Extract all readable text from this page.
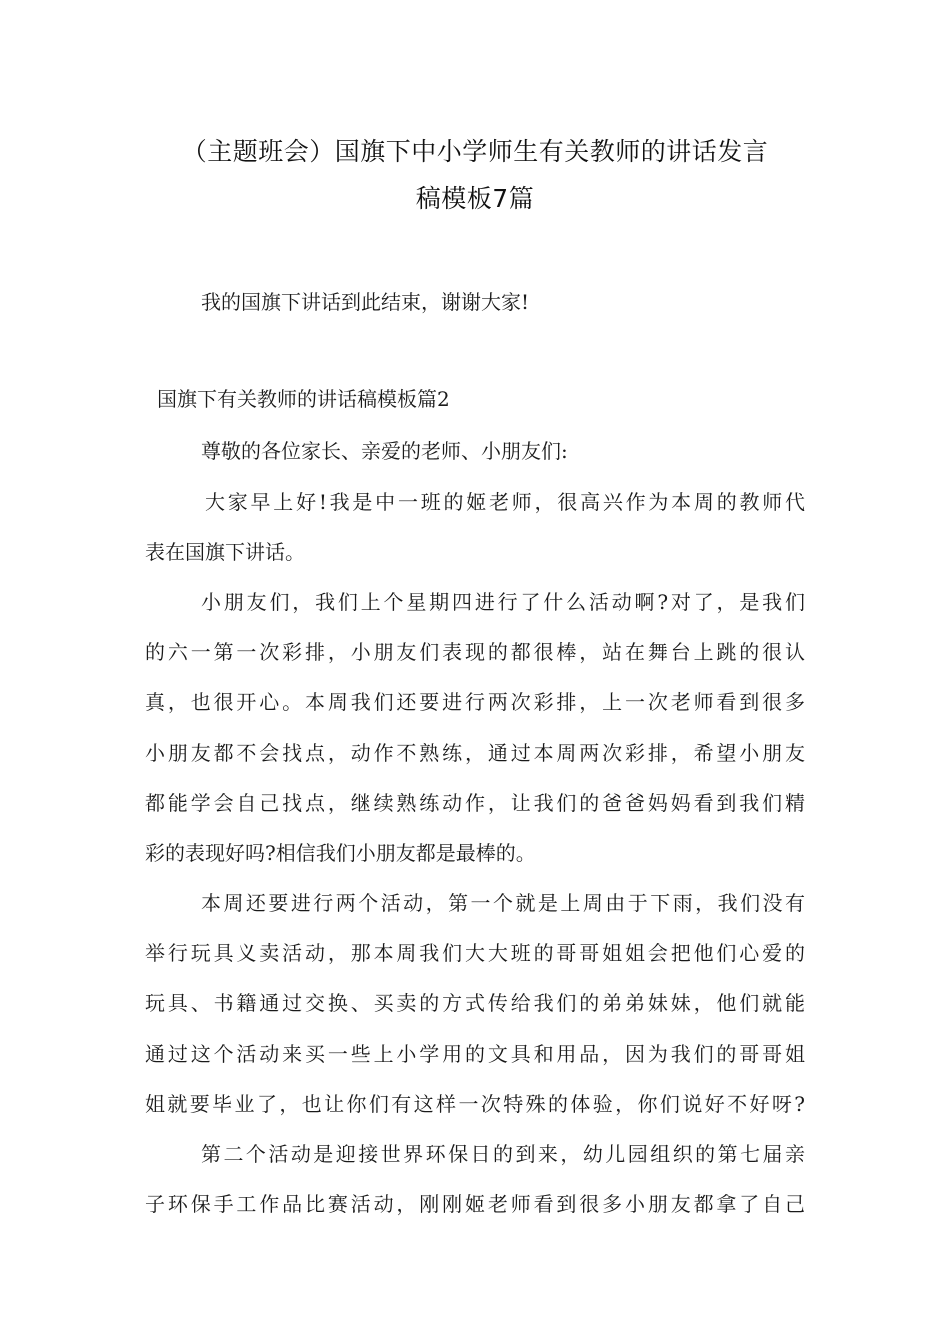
（主题班会）国旗下中小学师生有关教师的讲话发言
稿模板7篇
我的国旗下讲话到此结束，谢谢大家!
国旗下有关教师的讲话稿模板篇2
尊敬的各位家长、亲爱的老师、小朋友们:
大家早上好!我是中一班的姬老师，很高兴作为本周的教师代
表在国旗下讲话。
小朋友们，我们上个星期四进行了什么活动啊?对了，是我们
的六一第一次彩排，小朋友们表现的都很棒，站在舞台上跳的很认
真，也很开心。本周我们还要进行两次彩排，上一次老师看到很多
小朋友都不会找点，动作不熟练，通过本周两次彩排，希望小朋友
都能学会自己找点，继续熟练动作，让我们的爸爸妈妈看到我们精
彩的表现好吗?相信我们小朋友都是最棒的。
本周还要进行两个活动，第一个就是上周由于下雨，我们没有
举行玩具义卖活动，那本周我们大大班的哥哥姐姐会把他们心爱的
玩具、书籍通过交换、买卖的方式传给我们的弟弟妹妹，他们就能
通过这个活动来买一些上小学用的文具和用品，因为我们的哥哥姐
姐就要毕业了，也让你们有这样一次特殊的体验，你们说好不好呀?
第二个活动是迎接世界环保日的到来，幼儿园组织的第七届亲
子环保手工作品比赛活动，刚刚姬老师看到很多小朋友都拿了自己
